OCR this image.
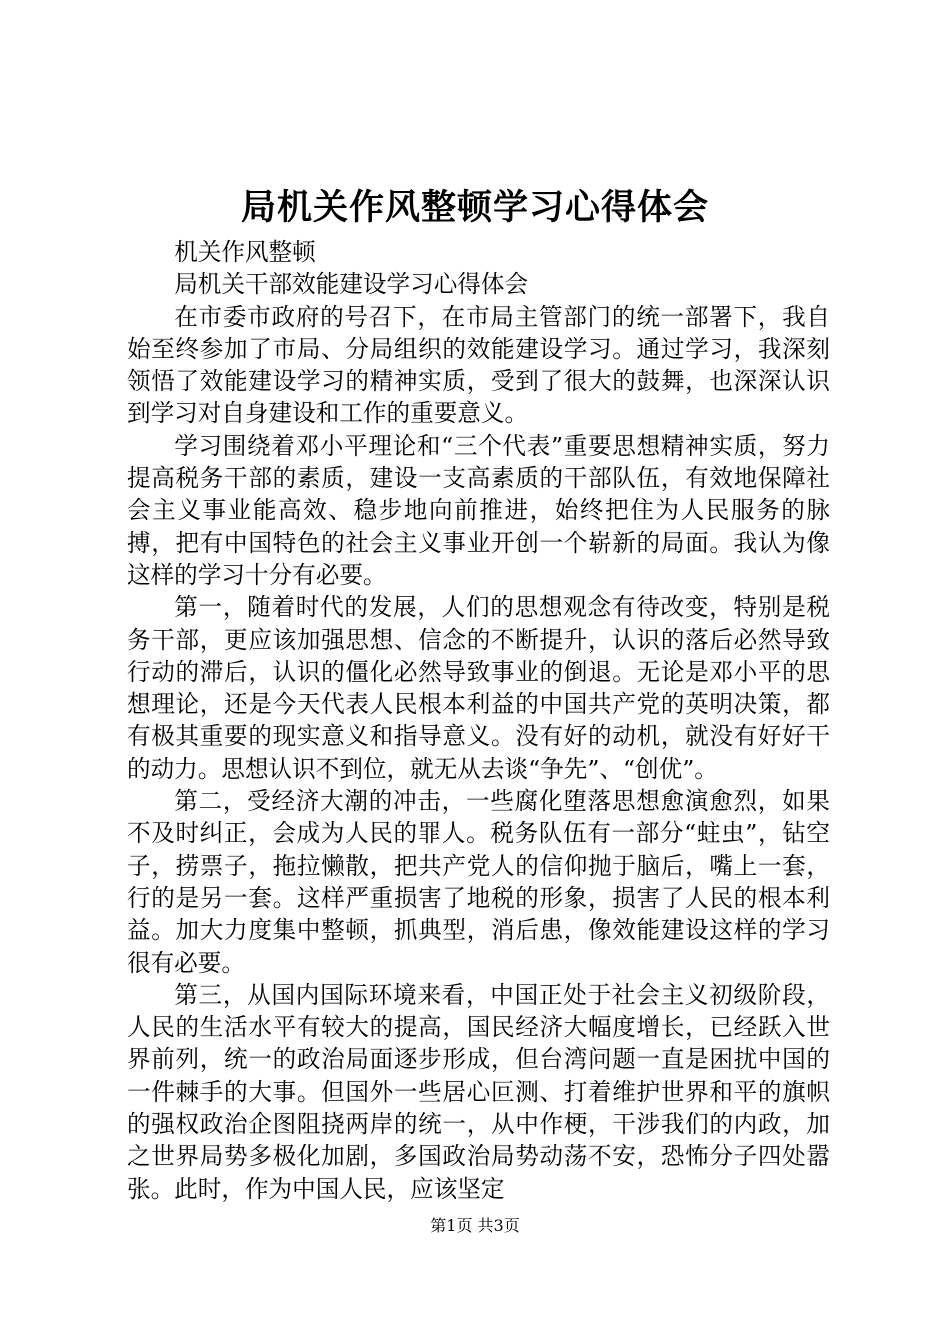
局机关作风整顿学习心得体会

机关作风整顿

局机关干部效能建设学习心得体会

在市委市政府的号召下，在市局主管部门的统一部署下，我自始至终参加了市局、分局组织的效能建设学习。通过学习，我深刻领悟了效能建设学习的精神实质，受到了很大的鼓舞，也深深认识到学习对自身建设和工作的重要意义。

学习围绕着邓小平理论和“三个代表”重要思想精神实质，努力提高税务干部的素质，建设一支高素质的干部队伍，有效地保障社会主义事业能高效、稳步地向前推进，始终把住为人民服务的脉搏，把有中国特色的社会主义事业开创一个崭新的局面。我认为像这样的学习十分有必要。

第一，随着时代的发展，人们的思想观念有待改变，特别是税务干部，更应该加强思想、信念的不断提升，认识的落后必然导致行动的滞后，认识的僵化必然导致事业的倒退。无论是邓小平的思想理论，还是今天代表人民根本利益的中国共产党的英明决策，都有极其重要的现实意义和指导意义。没有好的动机，就没有好好干的动力。思想认识不到位，就无从去谈“争先”、“创优”。

第二，受经济大潮的冲击，一些腐化堕落思想愈演愈烈，如果不及时纠正，会成为人民的罪人。税务队伍有一部分“蛀虫”，钻空子，捞票子，拖拉懒散，把共产党人的信仰抛于脑后，嘴上一套，行的是另一套。这样严重损害了地税的形象，损害了人民的根本利益。加大力度集中整顿，抓典型，消后患，像效能建设这样的学习很有必要。

第三，从国内国际环境来看，中国正处于社会主义初级阶段，人民的生活水平有较大的提高，国民经济大幅度增长，已经跃入世界前列，统一的政治局面逐步形成，但台湾问题一直是困扰中国的一件棘手的大事。但国外一些居心叵测、打着维护世界和平的旗帜的强权政治企图阻挠两岸的统一，从中作梗，干涉我们的内政，加之世界局势多极化加剧，多国政治局势动荡不安，恐怖分子四处嚣张。此时，作为中国人民，应该坚定

第1页 共3页
